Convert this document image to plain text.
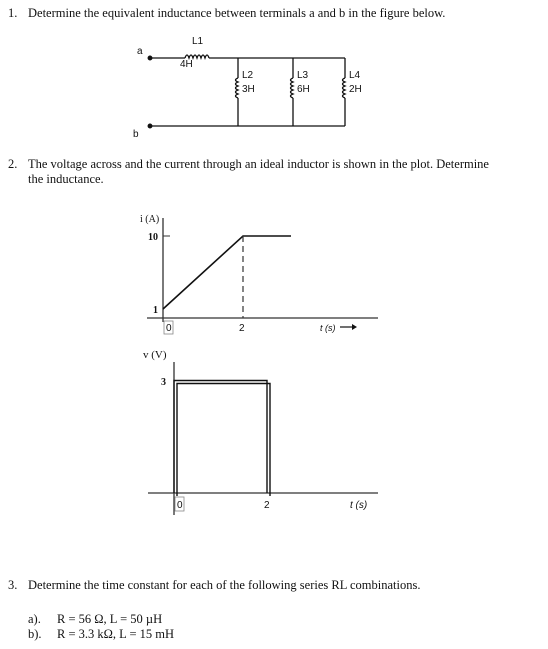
1. Determine the equivalent inductance between terminals a and b in the figure below.
a
b
L1
4H
L2
3H
L3
6H
L4
2H
i (A)
10
1
0	2	t (s)
v (V)
3
0	2	t (s)
2. The voltage across and the current through an ideal inductor is shown in the plot. Determine
the inductance.
3. Determine the time constant for each of the following series RL combinations.
a). R = 56 Ω, L = 50 µH
b). R = 3.3 kΩ, L = 15 mH
